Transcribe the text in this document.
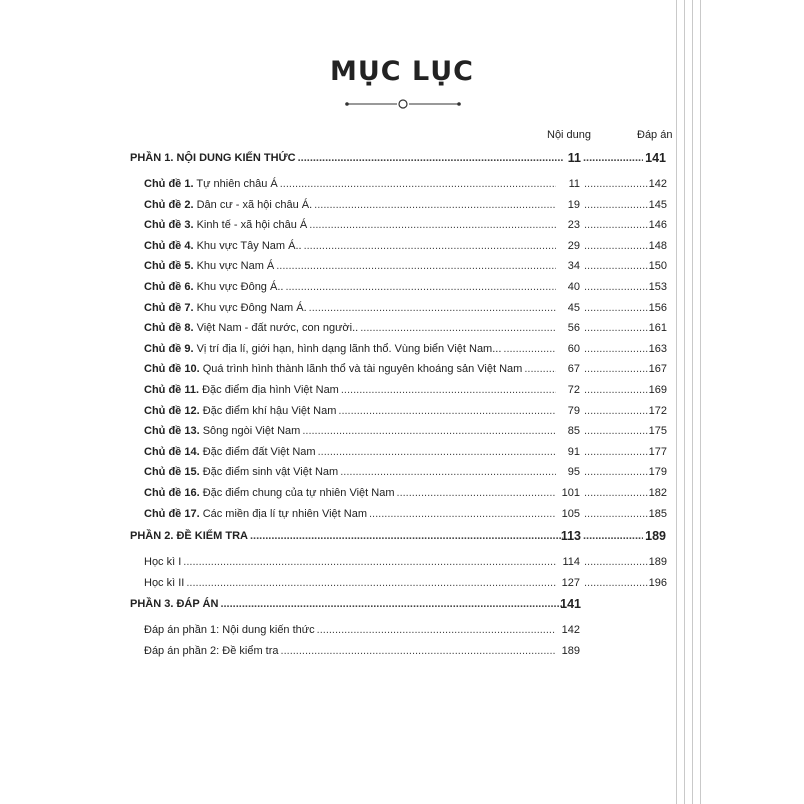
MỤC LỤC
Nội dung	Đáp án
PHẦN 1. NỘI DUNG KIẾN THỨC .....	11 .....	141
Chủ đề 1. Tự nhiên châu Á .....	11 .....	142
Chủ đề 2. Dân cư - xã hội châu Á. .....	19 .....	145
Chủ đề 3. Kinh tế - xã hội châu Á .....	23 .....	146
Chủ đề 4. Khu vực Tây Nam Á.. .....	29 .....	148
Chủ đề 5. Khu vực Nam Á .....	34 .....	150
Chủ đề 6. Khu vực Đông Á.. .....	40 .....	153
Chủ đề 7. Khu vực Đông Nam Á. .....	45 .....	156
Chủ đề 8. Việt Nam - đất nước, con người.. .....	56 .....	161
Chủ đề 9. Vị trí địa lí, giới hạn, hình dạng lãnh thổ. Vùng biển Việt Nam... .....	60 .....	163
Chủ đề 10. Quá trình hình thành lãnh thổ và tài nguyên khoáng sản Việt Nam .....	67 .....	167
Chủ đề 11. Đặc điểm địa hình Việt Nam .....	72 .....	169
Chủ đề 12. Đặc điểm khí hậu Việt Nam .....	79 .....	172
Chủ đề 13. Sông ngòi Việt Nam .....	85 .....	175
Chủ đề 14. Đặc điểm đất Việt Nam .....	91 .....	177
Chủ đề 15. Đặc điểm sinh vật Việt Nam .....	95 .....	179
Chủ đề 16. Đặc điểm chung của tự nhiên Việt Nam .....	101 .....	182
Chủ đề 17. Các miền địa lí tự nhiên Việt Nam .....	105 .....	185
PHẦN 2. ĐỀ KIỂM TRA .....	113 .....	189
Học kì I .....	114 .....	189
Học kì II .....	127 .....	196
PHẦN 3. ĐÁP ÁN .....	141
Đáp án phần 1: Nội dung kiến thức .....	142
Đáp án phần 2: Đề kiểm tra .....	189
